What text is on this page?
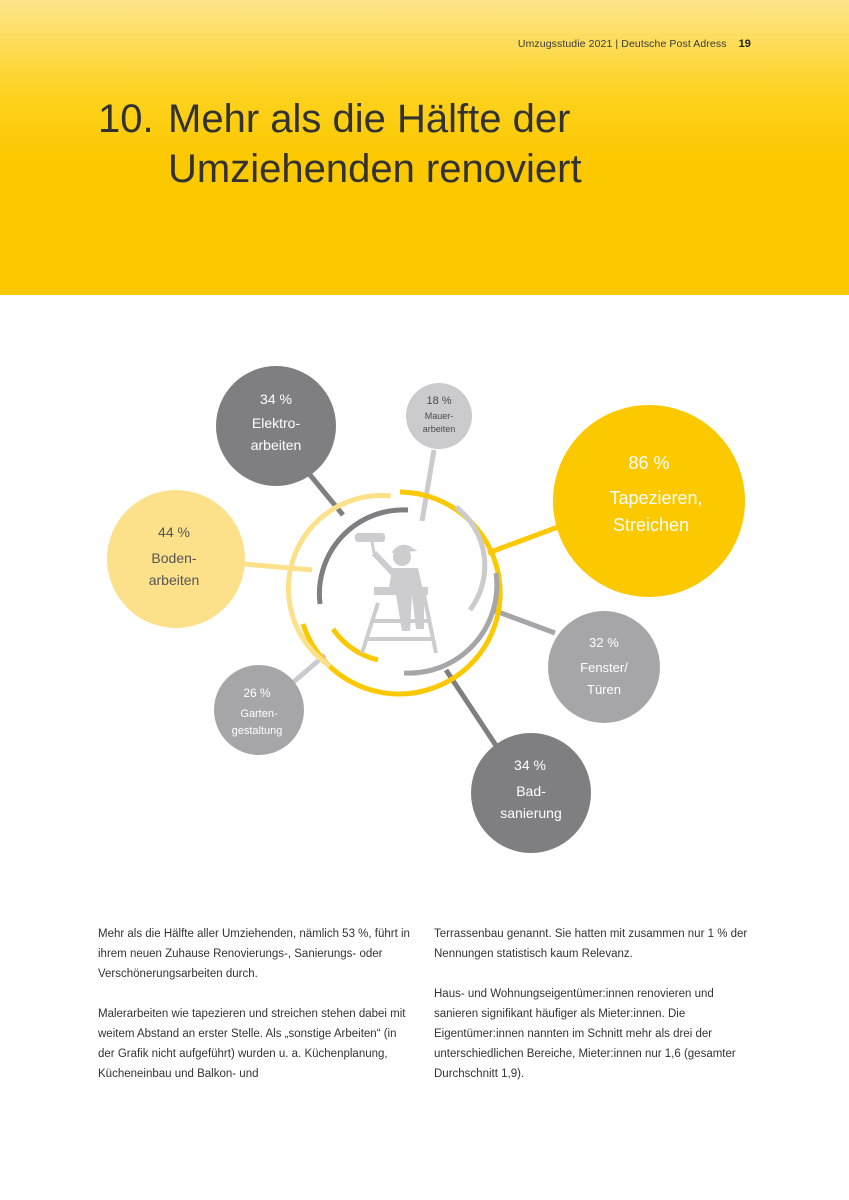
Umzugsstudie 2021 | Deutsche Post Adress 19
10. Mehr als die Hälfte der
Umziehenden renoviert
34 %
Elektro-
arbeiten
18 %
Mauer-
arbeiten
86 %
Tapezieren,
Streichen
44 %
Boden-
arbeiten
32 %
Fenster/
Türen
26 %
Garten-
gestaltung
34 %
Bad-
sanierung

Mehr als die Hälfte aller Umziehenden, nämlich 53 %, führt in ihrem neuen Zuhause Renovierungs-, Sanierungs- oder Verschönerungsarbeiten durch.

Malerarbeiten wie tapezieren und streichen stehen dabei mit weitem Abstand an erster Stelle. Als „sonstige Arbeiten“ (in der Grafik nicht aufgeführt) wurden u. a. Küchenplanung, Kücheneinbau und Balkon- und

Terrassenbau genannt. Sie hatten mit zusammen nur 1 % der Nennungen statistisch kaum Relevanz.

Haus- und Wohnungseigentümer:innen renovieren und sanieren signifikant häufiger als Mieter:innen. Die Eigentümer:innen nannten im Schnitt mehr als drei der unterschiedlichen Bereiche, Mieter:innen nur 1,6 (gesamter Durchschnitt 1,9).
